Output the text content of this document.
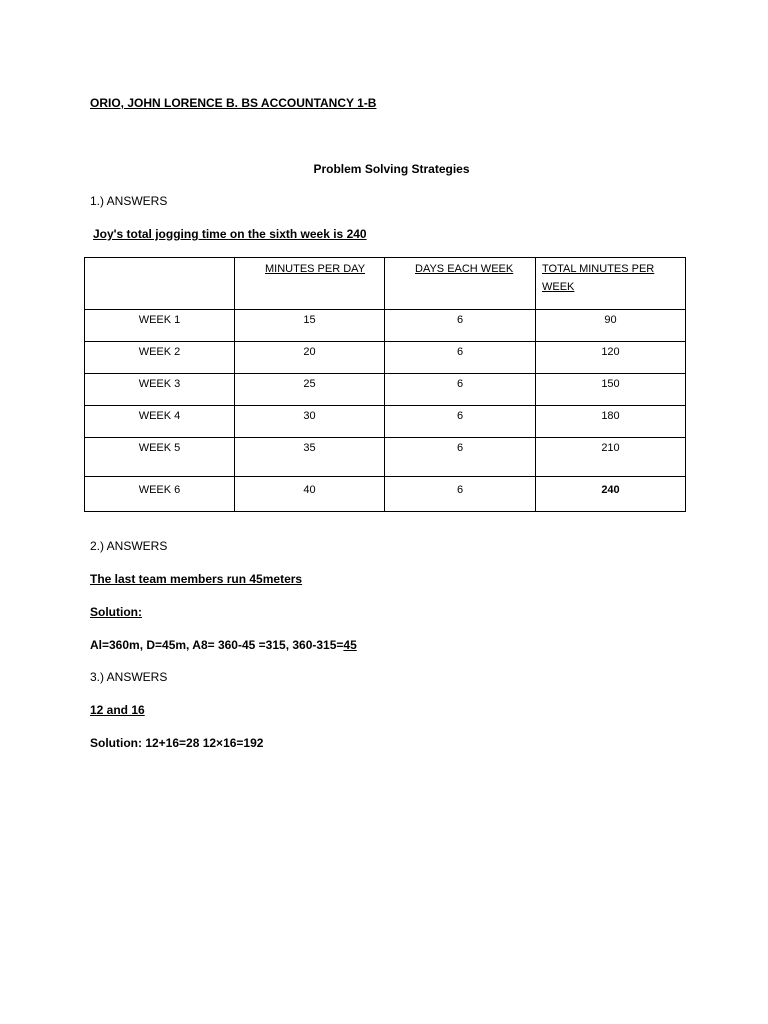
ORIO, JOHN LORENCE B. BS ACCOUNTANCY 1-B
Problem Solving Strategies
1.) ANSWERS
Joy's total jogging time on the sixth week is 240
	MINUTES PER DAY	DAYS EACH WEEK	TOTAL MINUTES PER WEEK
WEEK 1	15	6	90
WEEK 2	20	6	120
WEEK 3	25	6	150
WEEK 4	30	6	180
WEEK 5	35	6	210
WEEK 6	40	6	240
2.) ANSWERS
The last team members run 45meters
Solution:
Al=360m, D=45m, A8= 360-45 =315, 360-315=45
3.) ANSWERS
12 and 16
Solution: 12+16=28 12×16=192
